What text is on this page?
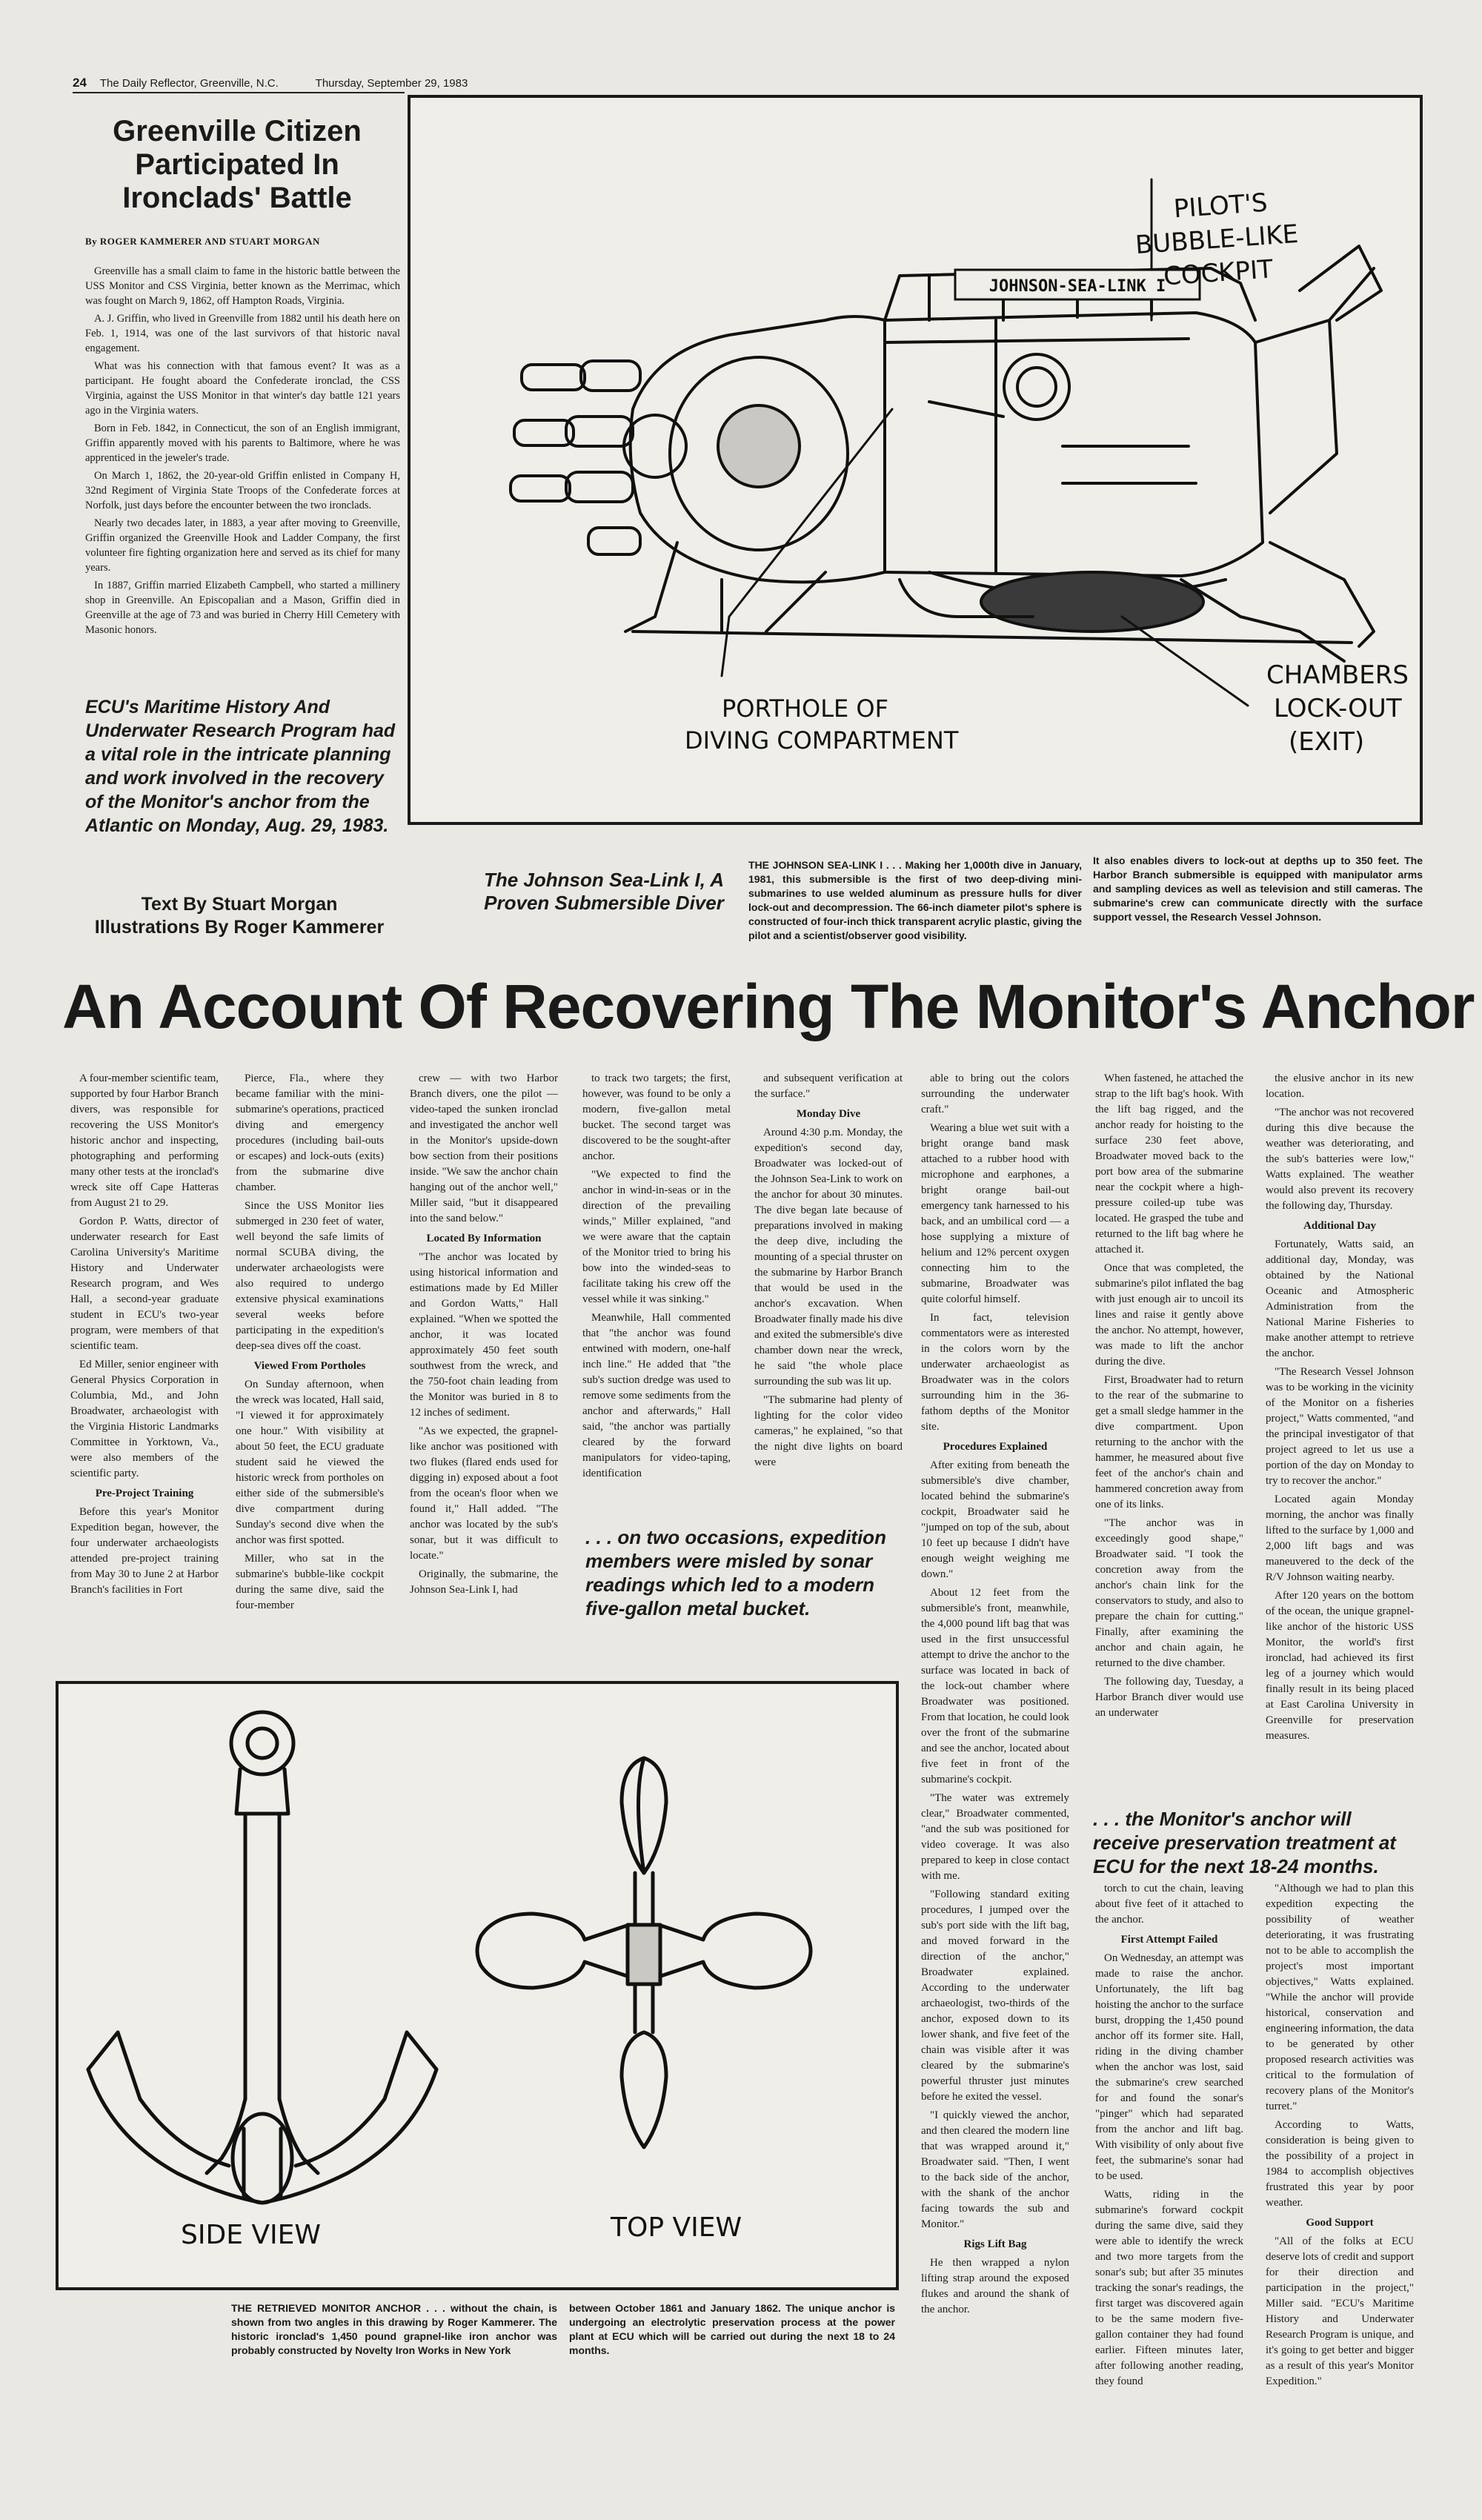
24 The Daily Reflector, Greenville, N.C.	Thursday, September 29, 1983
Greenville Citizen Participated In Ironclads' Battle
By ROGER KAMMERER AND STUART MORGAN

Greenville has a small claim to fame in the historic battle between the USS Monitor and CSS Virginia, better known as the Merrimac, which was fought on March 9, 1862, off Hampton Roads, Virginia.

A. J. Griffin, who lived in Greenville from 1882 until his death here on Feb. 1, 1914, was one of the last survivors of that historic naval engagement.

What was his connection with that famous event? It was as a participant. He fought aboard the Confederate ironclad, the CSS Virginia, against the USS Monitor in that winter's day battle 121 years ago in the Virginia waters.

Born in Feb. 1842, in Connecticut, the son of an English immigrant, Griffin apparently moved with his parents to Baltimore, where he was apprenticed in the jeweler's trade.

On March 1, 1862, the 20-year-old Griffin enlisted in Company H, 32nd Regiment of Virginia State Troops of the Confederate forces at Norfolk, just days before the encounter between the two ironclads.

Nearly two decades later, in 1883, a year after moving to Greenville, Griffin organized the Greenville Hook and Ladder Company, the first volunteer fire fighting organization here and served as its chief for many years.

In 1887, Griffin married Elizabeth Campbell, who started a millinery shop in Greenville. An Episcopalian and a Mason, Griffin died in Greenville at the age of 73 and was buried in Cherry Hill Cemetery with Masonic honors.

ECU's Maritime History And Underwater Research Program had a vital role in the intricate planning and work involved in the recovery of the Monitor's anchor from the Atlantic on Monday, Aug. 29, 1983.
Text By Stuart Morgan
Illustrations By Roger Kammerer
JOHNSON-SEA-LINK I
PILOT'SBUBBLE-LIKECOCKPIT
PORTHOLE OF DIVING COMPARTMENT
CHAMBERS LOCK-OUT (EXIT)
The Johnson Sea-Link I, A Proven Submersible Diver
THE JOHNSON SEA-LINK I . . . Making her 1,000th dive in January, 1981, this submersible is the first of two deep-diving mini-submarines to use welded aluminum as pressure hulls for diver lock-out and decompression. The 66-inch diameter pilot's sphere is constructed of four-inch thick transparent acrylic plastic, giving the pilot and a scientist/observer good visibility.
It also enables divers to lock-out at depths up to 350 feet. The Harbor Branch submersible is equipped with manipulator arms and sampling devices as well as television and still cameras. The submarine's crew can communicate directly with the surface support vessel, the Research Vessel Johnson.
An Account Of Recovering The Monitor's Anchor

A four-member scientific team, supported by four Harbor Branch divers, was responsible for recovering the USS Monitor's historic anchor and inspecting, photographing and performing many other tests at the ironclad's wreck site off Cape Hatteras from August 21 to 29.

Gordon P. Watts, director of underwater research for East Carolina University's Maritime History and Underwater Research program, and Wes Hall, a second-year graduate student in ECU's two-year program, were members of that scientific team.

Ed Miller, senior engineer with General Physics Corporation in Columbia, Md., and John Broadwater, archaeologist with the Virginia Historic Landmarks Committee in Yorktown, Va., were also members of the scientific party.

Pre-Project Training

Before this year's Monitor Expedition began, however, the four underwater archaeologists attended pre-project training from May 30 to June 2 at Harbor Branch's facilities in Fort

Pierce, Fla., where they became familiar with the mini-submarine's operations, practiced diving and emergency procedures (including bail-outs or escapes) and lock-outs (exits) from the submarine dive chamber.

Since the USS Monitor lies submerged in 230 feet of water, well beyond the safe limits of normal SCUBA diving, the underwater archaeologists were also required to undergo extensive physical examinations several weeks before participating in the expedition's deep-sea dives off the coast.

Viewed From Portholes

On Sunday afternoon, when the wreck was located, Hall said, "I viewed it for approximately one hour." With visibility at about 50 feet, the ECU graduate student said he viewed the historic wreck from portholes on either side of the submersible's dive compartment during Sunday's second dive when the anchor was first spotted.

Miller, who sat in the submarine's bubble-like cockpit during the same dive, said the four-member

crew — with two Harbor Branch divers, one the pilot — video-taped the sunken ironclad and investigated the anchor well in the Monitor's upside-down bow section from their positions inside. "We saw the anchor chain hanging out of the anchor well," Miller said, "but it disappeared into the sand below."

Located By Information

"The anchor was located by using historical information and estimations made by Ed Miller and Gordon Watts," Hall explained. "When we spotted the anchor, it was located approximately 450 feet south southwest from the wreck, and the 750-foot chain leading from the Monitor was buried in 8 to 12 inches of sediment.

"As we expected, the grapnel-like anchor was positioned with two flukes (flared ends used for digging in) exposed about a foot from the ocean's floor when we found it," Hall added. "The anchor was located by the sub's sonar, but it was difficult to locate."

Originally, the submarine, the Johnson Sea-Link I, had

to track two targets; the first, however, was found to be only a modern, five-gallon metal bucket. The second target was discovered to be the sought-after anchor.

"We expected to find the anchor in wind-in-seas or in the direction of the prevailing winds," Miller explained, "and we were aware that the captain of the Monitor tried to bring his bow into the winded-seas to facilitate taking his crew off the vessel while it was sinking."

Meanwhile, Hall commented that "the anchor was found entwined with modern, one-half inch line." He added that "the sub's suction dredge was used to remove some sediments from the anchor and afterwards," Hall said, "the anchor was partially cleared by the forward manipulators for video-taping, identification

and subsequent verification at the surface."

Monday Dive

Around 4:30 p.m. Monday, the expedition's second day, Broadwater was locked-out of the Johnson Sea-Link to work on the anchor for about 30 minutes. The dive began late because of preparations involved in making the deep dive, including the mounting of a special thruster on the submarine by Harbor Branch that would be used in the anchor's excavation. When Broadwater finally made his dive and exited the submersible's dive chamber down near the wreck, he said "the whole place surrounding the sub was lit up.

"The submarine had plenty of lighting for the color video cameras," he explained, "so that the night dive lights on board were

able to bring out the colors surrounding the underwater craft."

Wearing a blue wet suit with a bright orange band mask attached to a rubber hood with microphone and earphones, a bright orange bail-out emergency tank harnessed to his back, and an umbilical cord — a hose supplying a mixture of helium and 12% percent oxygen connecting him to the submarine, Broadwater was quite colorful himself.

In fact, television commentators were as interested in the colors worn by the underwater archaeologist as Broadwater was in the colors surrounding him in the 36-fathom depths of the Monitor site.

Procedures Explained

After exiting from beneath the submersible's dive chamber, located behind the submarine's cockpit, Broadwater said he "jumped on top of the sub, about 10 feet up because I didn't have enough weight weighing me down."

About 12 feet from the submersible's front, meanwhile, the 4,000 pound lift bag that was used in the first unsuccessful attempt to drive the anchor to the surface was located in back of the lock-out chamber where Broadwater was positioned. From that location, he could look over the front of the submarine and see the anchor, located about five feet in front of the submarine's cockpit.

"The water was extremely clear," Broadwater commented, "and the sub was positioned for video coverage. It was also prepared to keep in close contact with me.

"Following standard exiting procedures, I jumped over the sub's port side with the lift bag, and moved forward in the direction of the anchor," Broadwater explained. According to the underwater archaeologist, two-thirds of the anchor, exposed down to its lower shank, and five feet of the chain was visible after it was cleared by the submarine's powerful thruster just minutes before he exited the vessel.

"I quickly viewed the anchor, and then cleared the modern line that was wrapped around it," Broadwater said. "Then, I went to the back side of the anchor, with the shank of the anchor facing towards the sub and Monitor."

Rigs Lift Bag

He then wrapped a nylon lifting strap around the exposed flukes and around the shank of the anchor.

When fastened, he attached the strap to the lift bag's hook. With the lift bag rigged, and the anchor ready for hoisting to the surface 230 feet above, Broadwater moved back to the port bow area of the submarine near the cockpit where a high-pressure coiled-up tube was located. He grasped the tube and returned to the lift bag where he attached it.

Once that was completed, the submarine's pilot inflated the bag with just enough air to uncoil its lines and raise it gently above the anchor. No attempt, however, was made to lift the anchor during the dive.

First, Broadwater had to return to the rear of the submarine to get a small sledge hammer in the dive compartment. Upon returning to the anchor with the hammer, he measured about five feet of the anchor's chain and hammered concretion away from one of its links.

"The anchor was in exceedingly good shape," Broadwater said. "I took the concretion away from the anchor's chain link for the conservators to study, and also to prepare the chain for cutting." Finally, after examining the anchor and chain again, he returned to the dive chamber.

The following day, Tuesday, a Harbor Branch diver would use an underwater

the elusive anchor in its new location.

"The anchor was not recovered during this dive because the weather was deteriorating, and the sub's batteries were low," Watts explained. The weather would also prevent its recovery the following day, Thursday.

Additional Day

Fortunately, Watts said, an additional day, Monday, was obtained by the National Oceanic and Atmospheric Administration from the National Marine Fisheries to make another attempt to retrieve the anchor.

"The Research Vessel Johnson was to be working in the vicinity of the Monitor on a fisheries project," Watts commented, "and the principal investigator of that project agreed to let us use a portion of the day on Monday to try to recover the anchor."

Located again Monday morning, the anchor was finally lifted to the surface by 1,000 and 2,000 lift bags and was maneuvered to the deck of the R/V Johnson waiting nearby.

After 120 years on the bottom of the ocean, the unique grapnel-like anchor of the historic USS Monitor, the world's first ironclad, had achieved its first leg of a journey which would finally result in its being placed at East Carolina University in Greenville for preservation measures.

torch to cut the chain, leaving about five feet of it attached to the anchor.

First Attempt Failed

On Wednesday, an attempt was made to raise the anchor. Unfortunately, the lift bag hoisting the anchor to the surface burst, dropping the 1,450 pound anchor off its former site. Hall, riding in the diving chamber when the anchor was lost, said the submarine's crew searched for and found the sonar's "pinger" which had separated from the anchor and lift bag. With visibility of only about five feet, the submarine's sonar had to be used.

Watts, riding in the submarine's forward cockpit during the same dive, said they were able to identify the wreck and two more targets from the sonar's sub; but after 35 minutes tracking the sonar's readings, the first target was discovered again to be the same modern five-gallon container they had found earlier. Fifteen minutes later, after following another reading, they found

"Although we had to plan this expedition expecting the possibility of weather deteriorating, it was frustrating not to be able to accomplish the project's most important objectives," Watts explained. "While the anchor will provide historical, conservation and engineering information, the data to be generated by other proposed research activities was critical to the formulation of recovery plans of the Monitor's turret."

According to Watts, consideration is being given to the possibility of a project in 1984 to accomplish objectives frustrated this year by poor weather.

Good Support

"All of the folks at ECU deserve lots of credit and support for their direction and participation in the project," Miller said. "ECU's Maritime History and Underwater Research Program is unique, and it's going to get better and bigger as a result of this year's Monitor Expedition."

. . . on two occasions, expedition members were misled by sonar readings which led to a modern five-gallon metal bucket.
. . . the Monitor's anchor will receive preservation treatment at ECU for the next 18-24 months.
SIDE VIEW	TOP VIEW
THE RETRIEVED MONITOR ANCHOR . . . without the chain, is shown from two angles in this drawing by Roger Kammerer. The historic ironclad's 1,450 pound grapnel-like iron anchor was probably constructed by Novelty Iron Works in New York
between October 1861 and January 1862. The unique anchor is undergoing an electrolytic preservation process at the power plant at ECU which will be carried out during the next 18 to 24 months.
